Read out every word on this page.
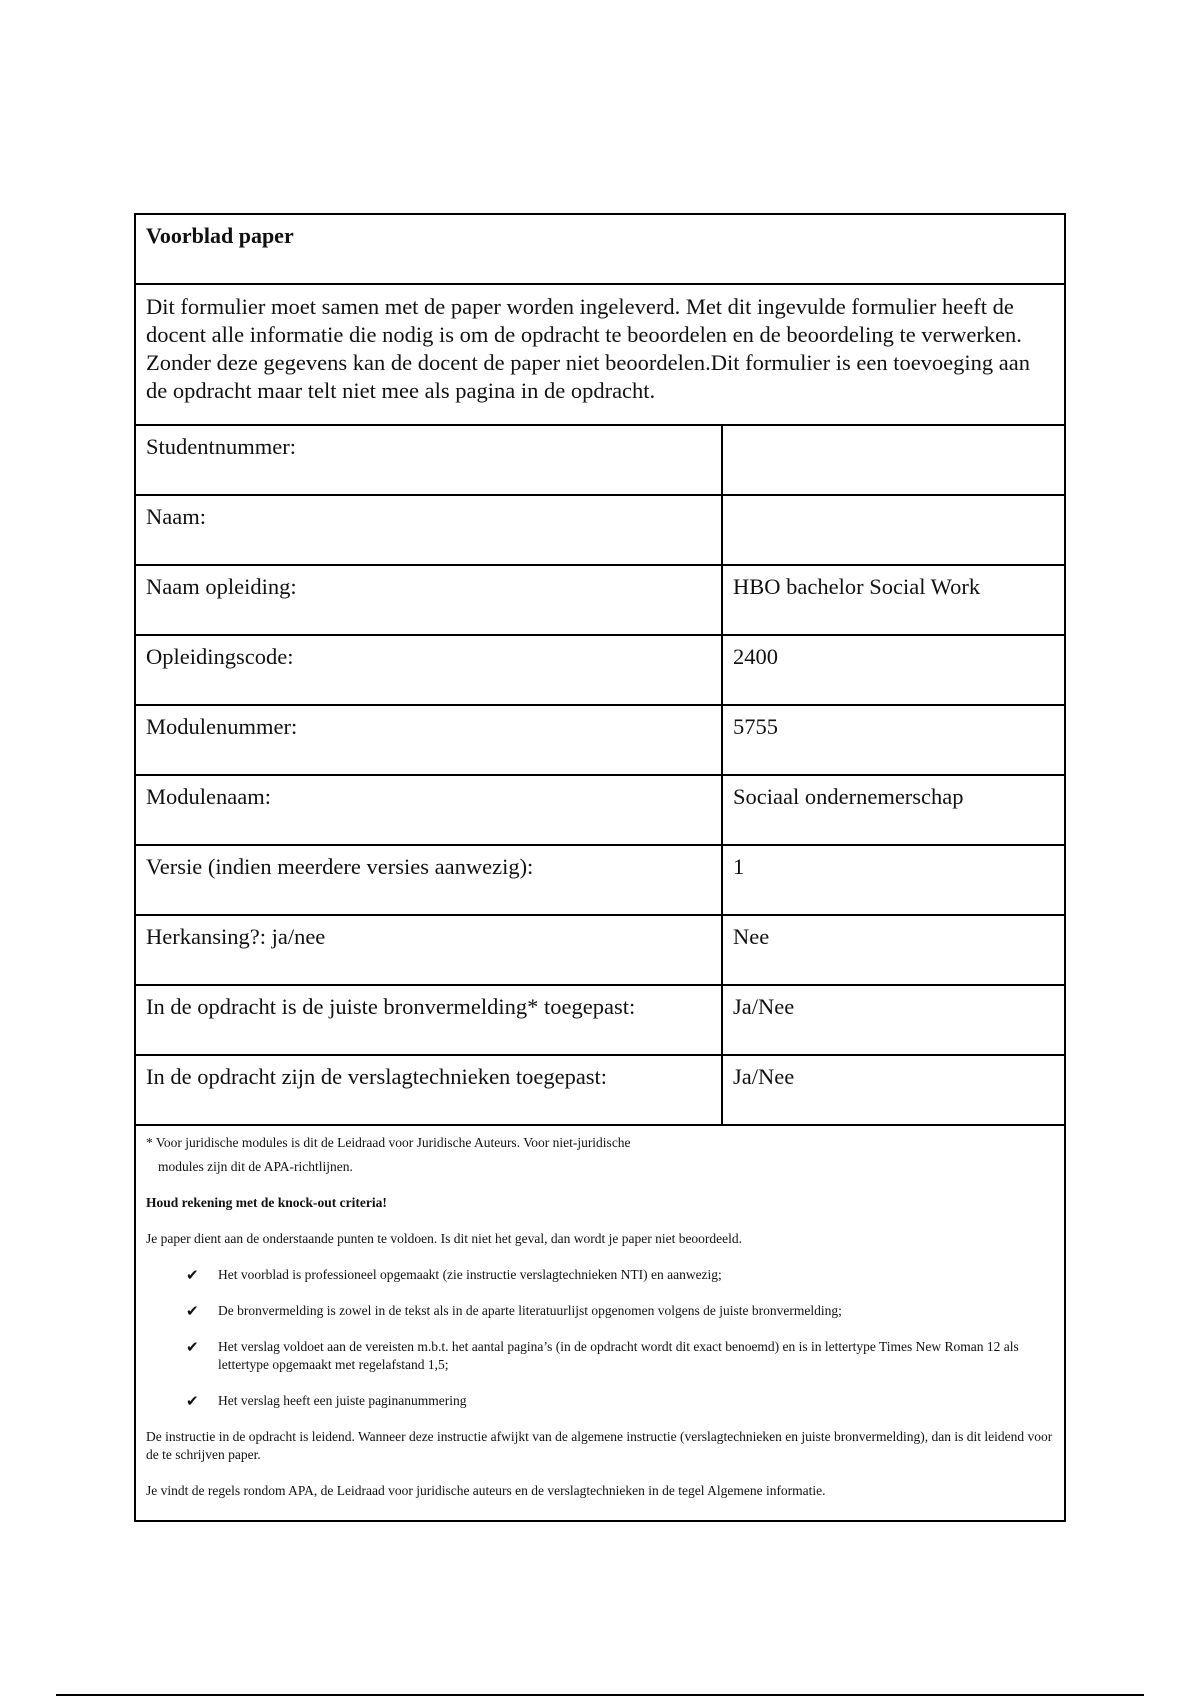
Voorblad paper
Dit formulier moet samen met de paper worden ingeleverd. Met dit ingevulde formulier heeft de docent alle informatie die nodig is om de opdracht te beoordelen en de beoordeling te verwerken. Zonder deze gegevens kan de docent de paper niet beoordelen.Dit formulier is een toevoeging aan de opdracht maar telt niet mee als pagina in de opdracht.
Studentnummer:
Naam:
Naam opleiding:	HBO bachelor Social Work
Opleidingscode:	2400
Modulenummer:	5755
Modulenaam:	Sociaal ondernemerschap
Versie (indien meerdere versies aanwezig):	1
Herkansing?: ja/nee	Nee
In de opdracht is de juiste bronvermelding* toegepast:	Ja/Nee
In de opdracht zijn de verslagtechnieken toegepast:	Ja/Nee

* Voor juridische modules is dit de Leidraad voor Juridische Auteurs. Voor niet-juridische

modules zijn dit de APA-richtlijnen.

Houd rekening met de knock-out criteria!

Je paper dient aan de onderstaande punten te voldoen. Is dit niet het geval, dan wordt je paper niet beoordeeld.

✔	Het voorblad is professioneel opgemaakt (zie instructie verslagtechnieken NTI) en aanwezig;
✔	De bronvermelding is zowel in de tekst als in de aparte literatuurlijst opgenomen volgens de juiste bronvermelding;
✔	Het verslag voldoet aan de vereisten m.b.t. het aantal pagina’s (in de opdracht wordt dit exact benoemd) en is in lettertype Times New Roman 12 als lettertype opgemaakt met regelafstand 1,5;
✔	Het verslag heeft een juiste paginanummering

De instructie in de opdracht is leidend. Wanneer deze instructie afwijkt van de algemene instructie (verslagtechnieken en juiste bronvermelding), dan is dit leidend voor de te schrijven paper.

Je vindt de regels rondom APA, de Leidraad voor juridische auteurs en de verslagtechnieken in de tegel Algemene informatie.
